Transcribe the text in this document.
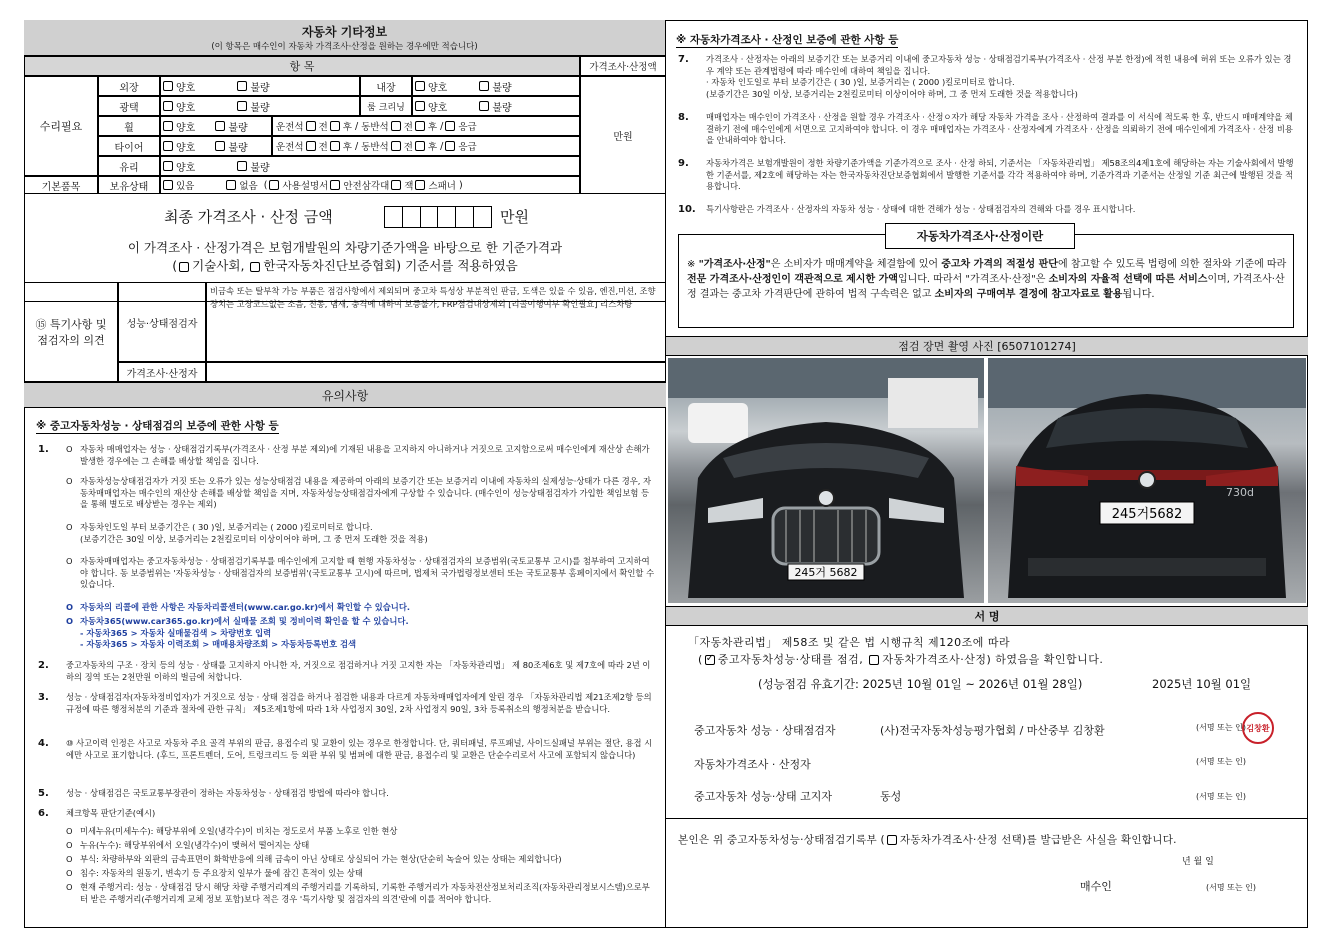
자동차 기타정보
(이 항목은 매수인이 자동차 가격조사·산정을 원하는 경우에만 적습니다)
항 목	가격조사·산정액
수리필요
기본품목
외장	양호	불량	내장	양호	불량
광택	양호	불량	룸 크리닝	양호	불량
휠	양호	불량
	운전석 전 후 / 동반석 전 후 / 응급
타이어	양호	불량
	운전석 전 후 / 동반석 전 후 / 응급
유리	양호	불량
보유상태	있음	없음 ( 사용설명서 안전삼각대 잭 스패너 )
만원
최종 가격조사 · 산정 금액	만원
이 가격조사 · 산정가격은 보험개발원의 차량기준가액을 바탕으로 한 기준가격과
( 기술사회, 한국자동차진단보증협회) 기준서를 적용하였음
⑮ 특기사항 및 점검자의 의견
성능·상태점검자
비금속 또는 탈부착 가능 부품은 점검사항에서 제외되며 중고차 특성상 부분적인 판금, 도색은 있을 수 있음, 엔진,미션, 조향장치는 고장코드없는 소음, 진동, 냄새, 충격에 대하여 보증불가, FRP점검대상제외 [리콜이행여부 확인필요] 리스차량
가격조사·산정자
유의사항
※ 중고자동차성능 · 상태점검의 보증에 관한 사항 등
1. O 자동차 매매업자는 성능 · 상태점검기록부(가격조사 · 산정 부분 제외)에 기재된 내용을 고지하지 아니하거나 거짓으로 고지함으로써 매수인에게 재산상 손해가 발생한 경우에는 그 손해를 배상할 책임을 집니다.
O 자동차성능상태점검자가 거짓 또는 오류가 있는 성능상태점검 내용을 제공하여 아래의 보증기간 또는 보증거리 이내에 자동차의 실제성능·상태가 다른 경우, 자동차매매업자는 매수인의 재산상 손해를 배상할 책임을 지며, 자동차성능상태점검자에게 구상할 수 있습니다. (매수인이 성능상태점검자가 가입한 책임보험 등을 통해 별도로 배상받는 경우는 제외)
O 자동차인도일 부터 보증기간은 ( 30 )일, 보증거리는 ( 2000 )킬로미터로 합니다.
(보증기간은 30일 이상, 보증거리는 2천킬로미터 이상이어야 하며, 그 중 먼저 도래한 것을 적용)
O 자동차매매업자는 중고자동차성능 · 상태점검기록부를 매수인에게 고지할 때 현행 자동차성능 · 상태점검자의 보증범위(국토교통부 고시)를 첨부하여 고지하여야 합니다. 동 보증범위는 '자동차성능 · 상태점검자의 보증범위'(국토교통부 고시)에 따르며, 법제처 국가법령정보센터 또는 국토교통부 홈페이지에서 확인할 수 있습니다.
O 자동차의 리콜에 관한 사항은 자동차리콜센터(www.car.go.kr)에서 확인할 수 있습니다.
O 자동차365(www.car365.go.kr)에서 실매물 조회 및 정비이력 확인을 할 수 있습니다.
- 자동차365 > 자동차 실매물검색 > 차량번호 입력
- 자동차365 > 자동차 이력조회 > 매매용차량조회 > 자동차등록번호 검색
2. 중고자동차의 구조 · 장치 등의 성능 · 상태를 고지하지 아니한 자, 거짓으로 점검하거나 거짓 고지한 자는 「자동차관리법」 제 80조제6호 및 제7호에 따라 2년 이하의 징역 또는 2천만원 이하의 벌금에 처합니다.
3. 성능 · 상태점검자(자동차정비업자)가 거짓으로 성능 · 상태 점검을 하거나 점검한 내용과 다르게 자동차매매업자에게 알린 경우 「자동차관리법 제21조제2항 등의 규정에 따른 행정처분의 기준과 절차에 관한 규칙」 제5조제1항에 따라 1차 사업정지 30일, 2차 사업정지 90일, 3차 등록취소의 행정처분을 받습니다.
4. ⑩ 사고이력 인정은 사고로 자동차 주요 골격 부위의 판금, 용접수리 및 교환이 있는 경우로 한정합니다. 단, 쿼터패널, 루프패널, 사이드실패널 부위는 절단, 용접 시에만 사고로 표기합니다. (후드, 프론트펜더, 도어, 트렁크리드 등 외판 부위 및 범퍼에 대한 판금, 용접수리 및 교환은 단순수리로서 사고에 포함되지 않습니다)
5. 성능 · 상태점검은 국토교통부장관이 정하는 자동차성능 · 상태점검 방법에 따라야 합니다.
6. 체크항목 판단기준(예시)
O 미세누유(미세누수): 해당부위에 오일(냉각수)이 비치는 정도로서 부품 노후로 인한 현상
O 누유(누수): 해당부위에서 오일(냉각수)이 맺혀서 떨어지는 상태
O 부식: 차량하부와 외판의 금속표면이 화학반응에 의해 금속이 아닌 상태로 상실되어 가는 현상(단순히 녹슬어 있는 상태는 제외합니다)
O 침수: 자동차의 원동기, 변속기 등 주요장치 일부가 물에 잠긴 흔적이 있는 상태
O 현재 주행거리: 성능 · 상태점검 당시 해당 차량 주행거리계의 주행거리를 기록하되, 기록한 주행거리가 자동차전산정보처리조직(자동차관리정보시스템)으로부터 받은 주행거리(주행거리계 교체 정보 포함)보다 적은 경우 '특기사항 및 점검자의 의견'란에 이를 적어야 합니다.
※ 자동차가격조사 · 산정인 보증에 관한 사항 등
7. 가격조사 · 산정자는 아래의 보증기간 또는 보증거리 이내에 중고자동차 성능 · 상태점검기록부(가격조사 · 산정 부분 한정)에 적힌 내용에 허위 또는 오류가 있는 경우 계약 또는 관계법령에 따라 매수인에 대하여 책임을 집니다.
· 자동차 인도일로 부터 보증기간은 ( 30 )일, 보증거리는 ( 2000 )킬로미터로 합니다.
(보증기간은 30일 이상, 보증거리는 2천킬로미터 이상이어야 하며, 그 중 먼저 도래한 것을 적용합니다)
8. 매매업자는 매수인이 가격조사 · 산정을 원할 경우 가격조사 · 산정ㅇ자가 해당 자동차 가격을 조사 · 산정하여 결과를 이 서식에 적도록 한 후, 반드시 매매계약을 체결하기 전에 매수인에게 서면으로 고지하여야 합니다. 이 경우 매매업자는 가격조사 · 산정자에게 가격조사 · 산정을 의뢰하기 전에 매수인에게 가격조사 · 산정 비용을 안내하여야 합니다.
9. 자동차가격은 보험개발원이 정한 차량기준가액을 기준가격으로 조사 · 산정 하되, 기준서는 「자동차관리법」 제58조의4제1호에 해당하는 자는 기술사회에서 발행한 기준서를, 제2호에 해당하는 자는 한국자동차진단보증협회에서 발행한 기준서를 각각 적용하여야 하며, 기준가격과 기준서는 산정일 기준 최근에 발행된 것을 적용합니다.
10. 특기사항란은 가격조사 · 산정자의 자동차 성능 · 상태에 대한 견해가 성능 · 상태점검자의 견해와 다를 경우 표시합니다.
자동차가격조사·산정이란
※ "가격조사·산정"은 소비자가 매매계약을 체결함에 있어 중고차 가격의 적절성 판단에 참고할 수 있도록 법령에 의한 절차와 기준에 따라 전문 가격조사·산정인이 객관적으로 제시한 가액입니다. 따라서 "가격조사·산정"은 소비자의 자율적 선택에 따른 서비스이며, 가격조사·산정 결과는 중고차 가격판단에 관하여 법적 구속력은 없고 소비자의 구매여부 결정에 참고자료로 활용됩니다.
점검 장면 촬영 사진 [6507101274]
245거 5682
730d
245거5682
서 명
「자동차관리법」 제58조 및 같은 법 시행규칙 제120조에 따라
(✓ 중고자동차성능·상태를 점검, 자동차가격조사·산정) 하였음을 확인합니다.
(성능점검 유효기간: 2025년 10월 01일 ~ 2026년 01월 28일)	2025년 10월 01일
중고자동차 성능 · 상태점검자	(사)전국자동차성능평가협회 / 마산중부 김창환	(서명 또는 인) 김창환
자동차가격조사 · 산정자	(서명 또는 인)
중고자동차 성능·상태 고지자	동성	(서명 또는 인)
본인은 위 중고자동차성능·상태점검기록부 ( 자동차가격조사·산정 선택)를 발급받은 사실을 확인합니다.
년 월 일
매수인	(서명 또는 인)
